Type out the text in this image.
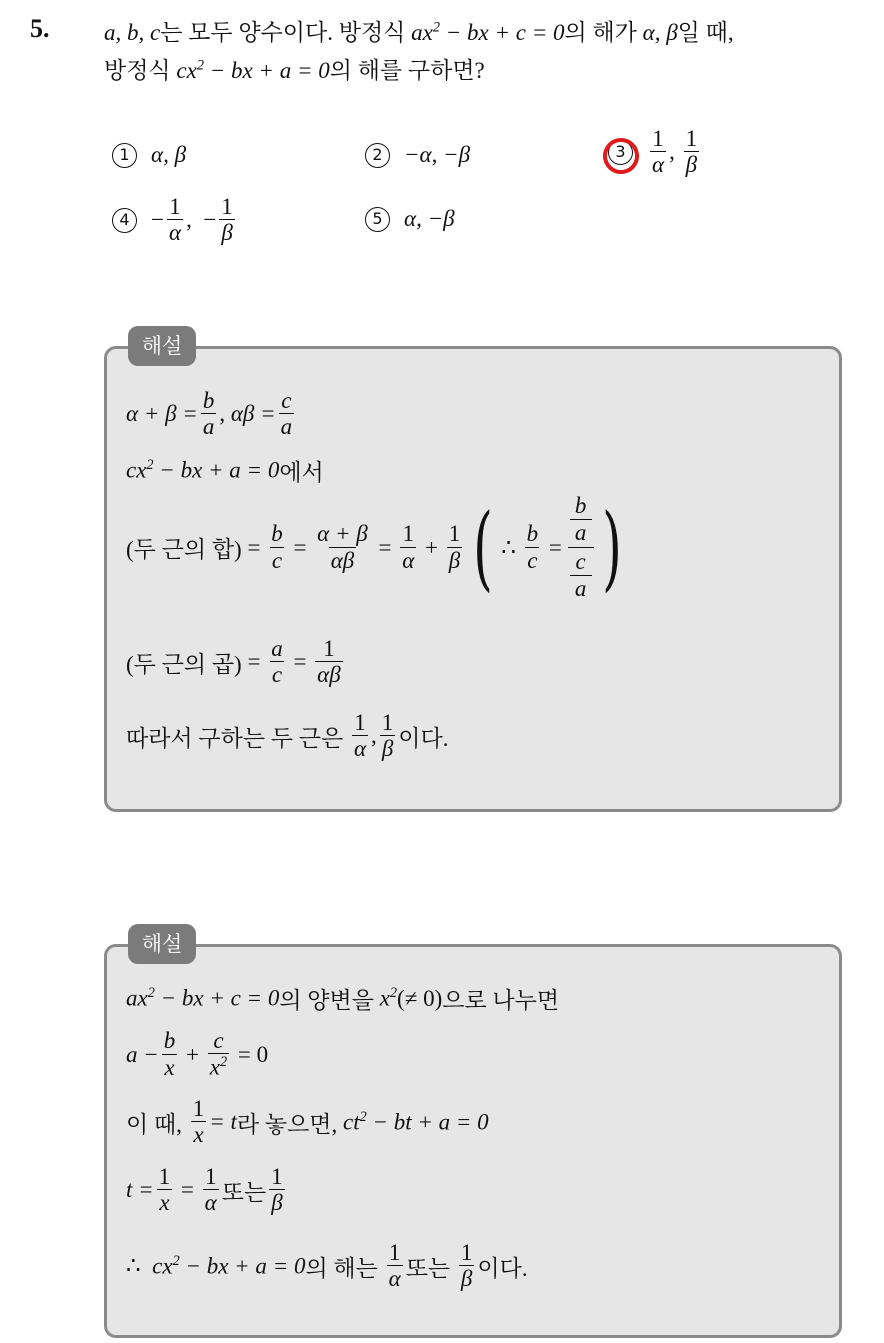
5. a, b, c는 모두 양수이다. 방정식 $ax^2$ − bx + c = 0의 해가 α, β일 때,
방정식 $cx^2$ − bx + a = 0의 해를 구하면?
1 α, β	2 −α, −β	3	$\frac{1}{\alpha}$ , $\frac{1}{\beta}$
$4 - \frac{1}{\alpha}$ ,  − $\frac{1}{\beta}$	5 α, −β
해설
$\alpha + \beta = \frac{b}{a}$ , $\alpha\beta = \frac{c}{a}$
$cx^2$ − bx + a = 0 에서
(두 근의 합) = $\frac{b}{c} = \frac{\alpha + \beta}{\alpha\beta} = \frac{1}{\alpha} + \frac{1}{\beta}$ ( ∴ $\frac{b}{c}$ =
b
a
c
a )
(두 근의 곱) = $\frac{a}{c} = \frac{1}{\alpha\beta}$
따라서 구하는 두 근은
$\frac{1}{\alpha}$ , $\frac{1}{\beta}$ 이다.
해설
$ax^2$ − bx + c = 0 의 양변을
$x^2$ (≠ 0) 으로 나누면
$a - \frac{b}{x} + \frac{c}{x^2} = 0$
이 때,
$\frac{1}{x} = t$ 라 놓으면,
$ct^2$ − bt + a = 0
$t = \frac{1}{x} = \frac{1}{\alpha}$ 또는 $\frac{1}{\beta}$
∴ $cx^2$ − bx + a = 0 의 해는
$\frac{1}{\alpha}$ 또는
$\frac{1}{\beta}$ 이다.
